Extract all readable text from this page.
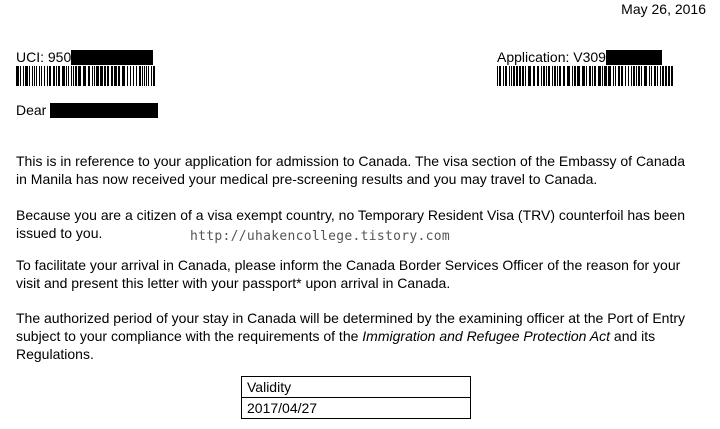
May 26, 2016
UCI: 950	Application: V309
Dear

This is in reference to your application for admission to Canada. The visa section of the Embassy of Canada in Manila has now received your medical pre-screening results and you may travel to Canada.

Because you are a citizen of a visa exempt country, no Temporary Resident Visa (TRV) counterfoil has been issued to you.

To facilitate your arrival in Canada, please inform the Canada Border Services Officer of the reason for your visit and present this letter with your passport* upon arrival in Canada.

The authorized period of your stay in Canada will be determined by the examining officer at the Port of Entry subject to your compliance with the requirements of the Immigration and Refugee Protection Act and its Regulations.

http://uhakencollege.tistory.com
Validity
2017/04/27
